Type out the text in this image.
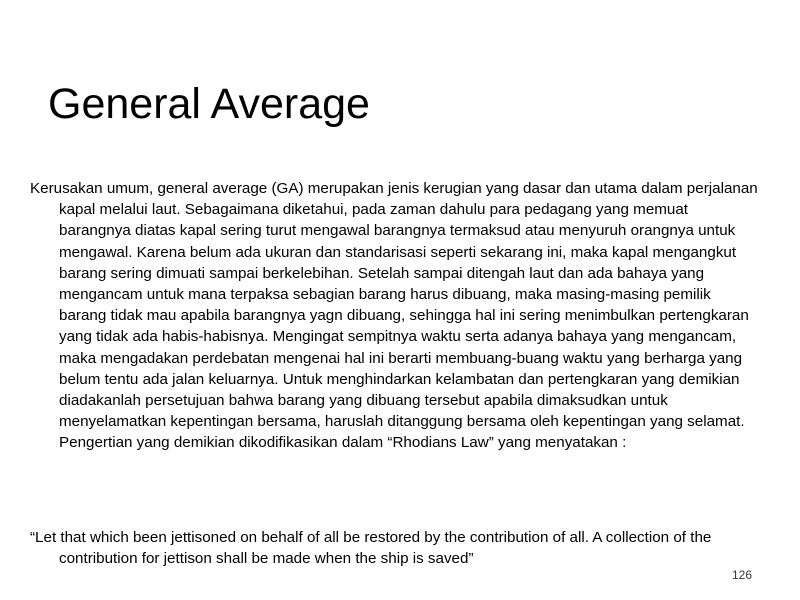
General Average

Kerusakan umum, general average (GA) merupakan jenis kerugian yang dasar dan utama dalam perjalanan kapal melalui laut. Sebagaimana diketahui, pada zaman dahulu para pedagang yang memuat barangnya diatas kapal sering turut mengawal barangnya termaksud atau menyuruh orangnya untuk mengawal. Karena belum ada ukuran dan standarisasi seperti sekarang ini, maka kapal mengangkut barang sering dimuati sampai berkelebihan. Setelah sampai ditengah laut dan ada bahaya yang mengancam untuk mana terpaksa sebagian barang harus dibuang, maka masing-masing pemilik barang tidak mau apabila barangnya yagn dibuang, sehingga hal ini sering menimbulkan pertengkaran yang tidak ada habis-habisnya. Mengingat sempitnya waktu serta adanya bahaya yang mengancam, maka mengadakan perdebatan mengenai hal ini berarti membuang-buang waktu yang berharga yang belum tentu ada jalan keluarnya. Untuk menghindarkan kelambatan dan pertengkaran yang demikian diadakanlah persetujuan bahwa barang yang dibuang tersebut apabila dimaksudkan untuk menyelamatkan kepentingan bersama, haruslah ditanggung bersama oleh kepentingan yang selamat. Pengertian yang demikian dikodifikasikan dalam “Rhodians Law” yang menyatakan :

“Let that which been jettisoned on behalf of all be restored by the contribution of all. A collection of the contribution for jettison shall be made when the ship is saved”

126
